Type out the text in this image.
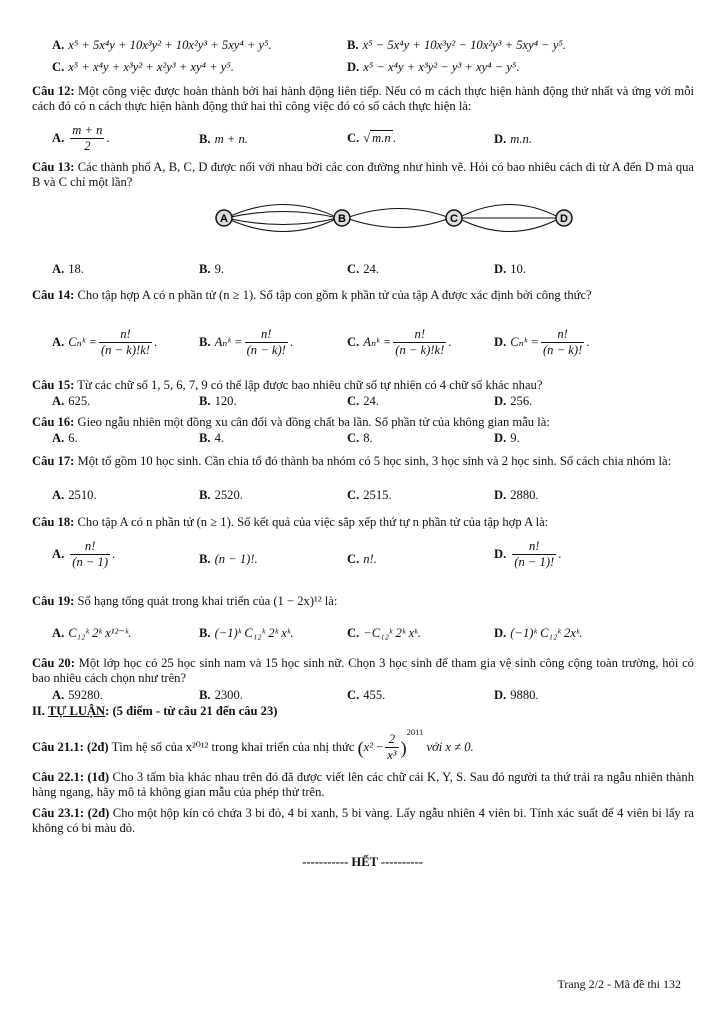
A. x⁵ + 5x⁴y + 10x³y² + 10x²y³ + 5xy⁴ + y⁵.	B. x⁵ − 5x⁴y + 10x³y² − 10x²y³ + 5xy⁴ − y⁵.
C. x⁵ + x⁴y + x³y² + x²y³ + xy⁴ + y⁵.	D. x⁵ − x⁴y + x³y² − y³ + xy⁴ − y⁵.
Câu 12: Một công việc được hoàn thành bởi hai hành động liên tiếp. Nếu có m cách thực hiện hành động thứ nhất và ứng với mỗi cách đó có n cách thực hiện hành động thứ hai thì công việc đó có số cách thực hiện là:
A. $\frac{m + n}{2}$ .	B. m + n.	C. √ m.n .	D. m.n.
Câu 13: Các thành phố A, B, C, D được nối với nhau bởi các con đường như hình vẽ. Hỏi có bao nhiêu cách đi từ A đến D mà qua B và C chỉ một lần?
A	B	C	D
A. 18.	B. 9.	C. 24.	D. 10.
Câu 14: Cho tập hợp A có n phần tử (n ≥ 1). Số tập con gồm k phần tử của tập A được xác định bởi công thức?
A. Cₙᵏ = $\frac{n!}{(n - k)!k!}$ .	B. Aₙᵏ = $\frac{n!}{(n - k)!}$ .	C. Aₙᵏ = $\frac{n!}{(n - k)!k!}$ .	D. Cₙᵏ = $\frac{n!}{(n - k)!}$ .
Câu 15: Từ các chữ số 1, 5, 6, 7, 9 có thể lập được bao nhiêu chữ số tự nhiên có 4 chữ số khác nhau?
A. 625.	B. 120.	C. 24.	D. 256.
Câu 16: Gieo ngẫu nhiên một đồng xu cân đối và đồng chất ba lần. Số phần tử của không gian mẫu là:
A. 6.	B. 4.	C. 8.	D. 9.
Câu 17: Một tổ gồm 10 học sinh. Cần chia tổ đó thành ba nhóm có 5 học sinh, 3 học sinh và 2 học sinh. Số cách chia nhóm là:
A. 2510.	B. 2520.	C. 2515.	D. 2880.
Câu 18: Cho tập A có n phần tử (n ≥ 1). Số kết quả của việc sắp xếp thứ tự n phần tử của tập hợp A là:
A. $\frac{n!}{(n - 1)}$ .	B. (n − 1)!.	C. n!.	D. $\frac{n!}{(n - 1)!}$ .
Câu 19: Số hạng tổng quát trong khai triển của (1 − 2x)¹² là:
A. C₁₂ᵏ 2ᵏ x¹²⁻ᵏ.	B. (−1)ᵏ C₁₂ᵏ 2ᵏ xᵏ.	C. −C₁₂ᵏ 2ᵏ xᵏ.	D. (−1)ᵏ C₁₂ᵏ 2xᵏ.
Câu 20: Một lớp học có 25 học sinh nam và 15 học sinh nữ. Chọn 3 học sinh để tham gia vệ sinh công cộng toàn trường, hỏi có bao nhiêu cách chọn như trên?
A. 59280.	B. 2300.	C. 455.	D. 9880.
II. TỰ LUẬN: (5 điểm - từ câu 21 đến câu 23)
Câu 21.1: (2đ) Tìm hệ số của x²⁰¹² trong khai triển của nhị thức $(x^2 - \frac{2}{\text{x³}} )^{2011}$ với x ≠ 0.
Câu 22.1: (1đ) Cho 3 tấm bìa khác nhau trên đó đã được viết lên các chữ cái K, Y, S. Sau đó người ta thứ trải ra ngẫu nhiên thành hàng ngang, hãy mô tả không gian mẫu của phép thử trên.
Câu 23.1: (2đ) Cho một hộp kín có chứa 3 bi đỏ, 4 bi xanh, 5 bi vàng. Lấy ngẫu nhiên 4 viên bi. Tính xác suất để 4 viên bi lấy ra không có bi màu đỏ.
----------- HẾT ----------
Trang 2/2 - Mã đề thi 132
